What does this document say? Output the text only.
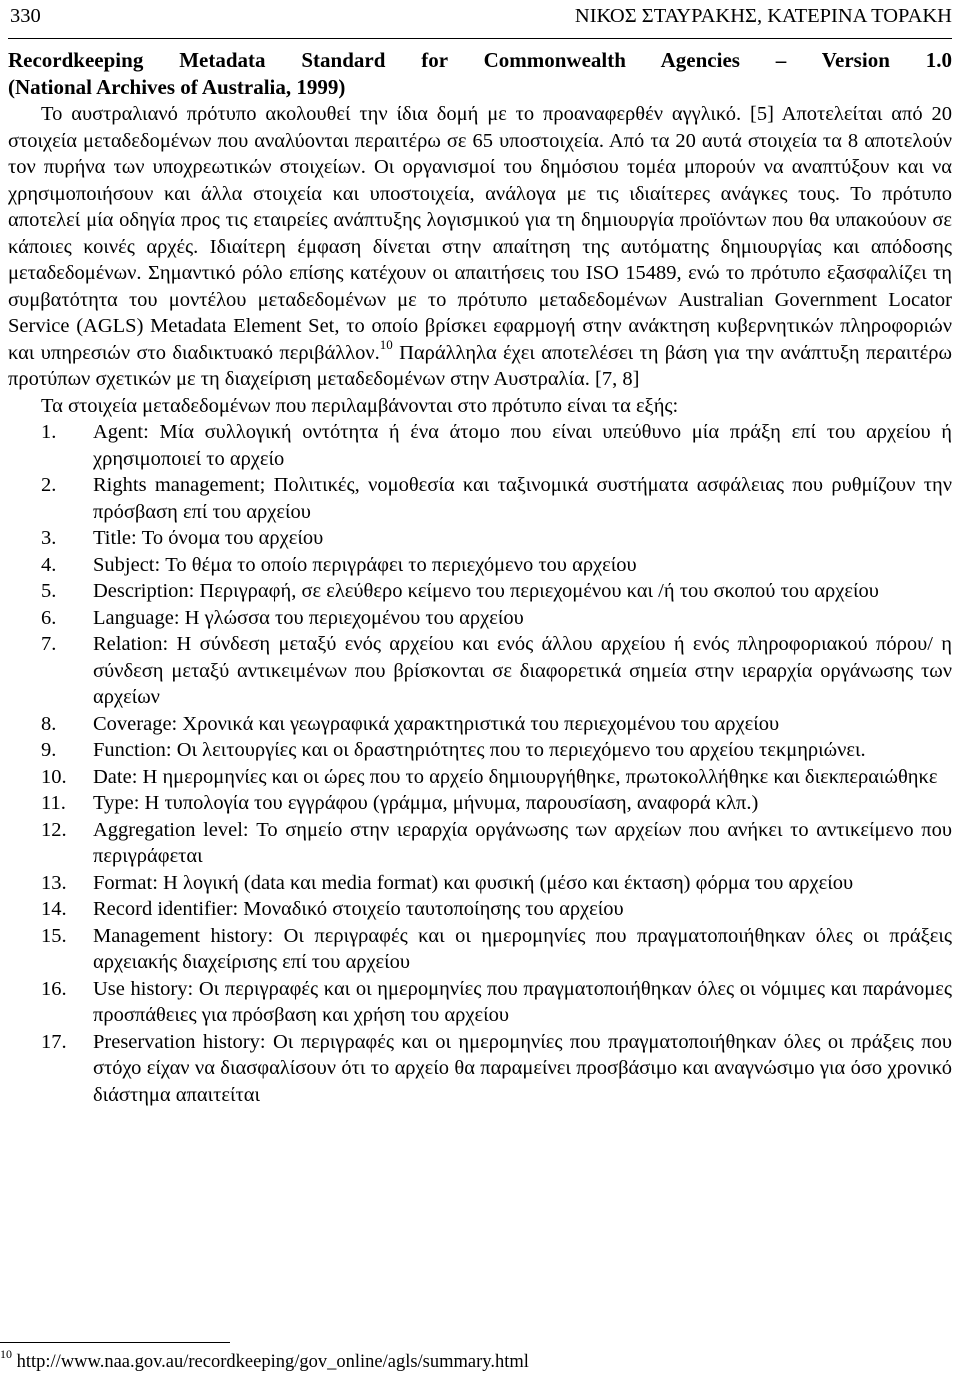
330	ΝΙΚΟΣ ΣΤΑΥΡΑΚΗΣ, ΚΑΤΕΡΙΝΑ ΤΟΡΑΚΗ
Recordkeeping Metadata Standard for Commonwealth Agencies – Version 1.0
(National Archives of Australia, 1999)

Το αυστραλιανό πρότυπο ακολουθεί την ίδια δομή με το προαναφερθέν αγγλικό. [5] Αποτελείται από 20 στοιχεία μεταδεδομένων που αναλύονται περαιτέρω σε 65 υποστοιχεία. Από τα 20 αυτά στοιχεία τα 8 αποτελούν τον πυρήνα των υποχρεωτικών στοιχείων. Οι οργανισμοί του δημόσιου τομέα μπορούν να αναπτύξουν και να χρησιμοποιήσουν και άλλα στοιχεία και υποστοιχεία, ανάλογα με τις ιδιαίτερες ανάγκες τους. Το πρότυπο αποτελεί μία οδηγία προς τις εταιρείες ανάπτυξης λογισμικού για τη δημιουργία προϊόντων που θα υπακούουν σε κάποιες κοινές αρχές. Ιδιαίτερη έμφαση δίνεται στην απαίτηση της αυτόματης δημιουργίας και απόδοσης μεταδεδομένων. Σημαντικό ρόλο επίσης κατέχουν οι απαιτήσεις του ISO 15489, ενώ το πρότυπο εξασφαλίζει τη συμβατότητα του μοντέλου μεταδεδομένων με το πρότυπο μεταδεδομένων Australian Government Locator Service (AGLS) Metadata Element Set, το οποίο βρίσκει εφαρμογή στην ανάκτηση κυβερνητικών πληροφοριών και υπηρεσιών στο διαδικτυακό περιβάλλον.$^{10}$ Παράλληλα έχει αποτελέσει τη βάση για την ανάπτυξη περαιτέρω προτύπων σχετικών με τη διαχείριση μεταδεδομένων στην Αυστραλία. [7, 8]

Τα στοιχεία μεταδεδομένων που περιλαμβάνονται στο πρότυπο είναι τα εξής:

1. Agent: Μία συλλογική οντότητα ή ένα άτομο που είναι υπεύθυνο μία πράξη επί του αρχείου ή χρησιμοποιεί το αρχείο
2. Rights management; Πολιτικές, νομοθεσία και ταξινομικά συστήματα ασφάλειας που ρυθμίζουν την πρόσβαση επί του αρχείου
3. Title: Το όνομα του αρχείου
4. Subject: Το θέμα το οποίο περιγράφει το περιεχόμενο του αρχείου
5. Description: Περιγραφή, σε ελεύθερο κείμενο του περιεχομένου και /ή του σκοπού του αρχείου
6. Language: Η γλώσσα του περιεχομένου του αρχείου
7. Relation: Η σύνδεση μεταξύ ενός αρχείου και ενός άλλου αρχείου ή ενός πληροφοριακού πόρου/ η σύνδεση μεταξύ αντικειμένων που βρίσκονται σε διαφορετικά σημεία στην ιεραρχία οργάνωσης των αρχείων
8. Coverage: Χρονικά και γεωγραφικά χαρακτηριστικά του περιεχομένου του αρχείου
9. Function: Οι λειτουργίες και οι δραστηριότητες που το περιεχόμενο του αρχείου τεκμηριώνει.
10. Date: Η ημερομηνίες και οι ώρες που το αρχείο δημιουργήθηκε, πρωτοκολλήθηκε και διεκπεραιώθηκε
11. Type: Η τυπολογία του εγγράφου (γράμμα, μήνυμα, παρουσίαση, αναφορά κλπ.)
12. Aggregation level: Το σημείο στην ιεραρχία οργάνωσης των αρχείων που ανήκει το αντικείμενο που περιγράφεται
13. Format: Η λογική (data και media format) και φυσική (μέσο και έκταση) φόρμα του αρχείου
14. Record identifier: Μοναδικό στοιχείο ταυτοποίησης του αρχείου
15. Management history: Οι περιγραφές και οι ημερομηνίες που πραγματοποιήθηκαν όλες οι πράξεις αρχειακής διαχείρισης επί του αρχείου
16. Use history: Οι περιγραφές και οι ημερομηνίες που πραγματοποιήθηκαν όλες οι νόμιμες και παράνομες προσπάθειες για πρόσβαση και χρήση του αρχείου
17. Preservation history: Οι περιγραφές και οι ημερομηνίες που πραγματοποιήθηκαν όλες οι πράξεις που στόχο είχαν να διασφαλίσουν ότι το αρχείο θα παραμείνει προσβάσιμο και αναγνώσιμο για όσο χρονικό διάστημα απαιτείται
$^{10}$ http://www.naa.gov.au/recordkeeping/gov_online/agls/summary.html
